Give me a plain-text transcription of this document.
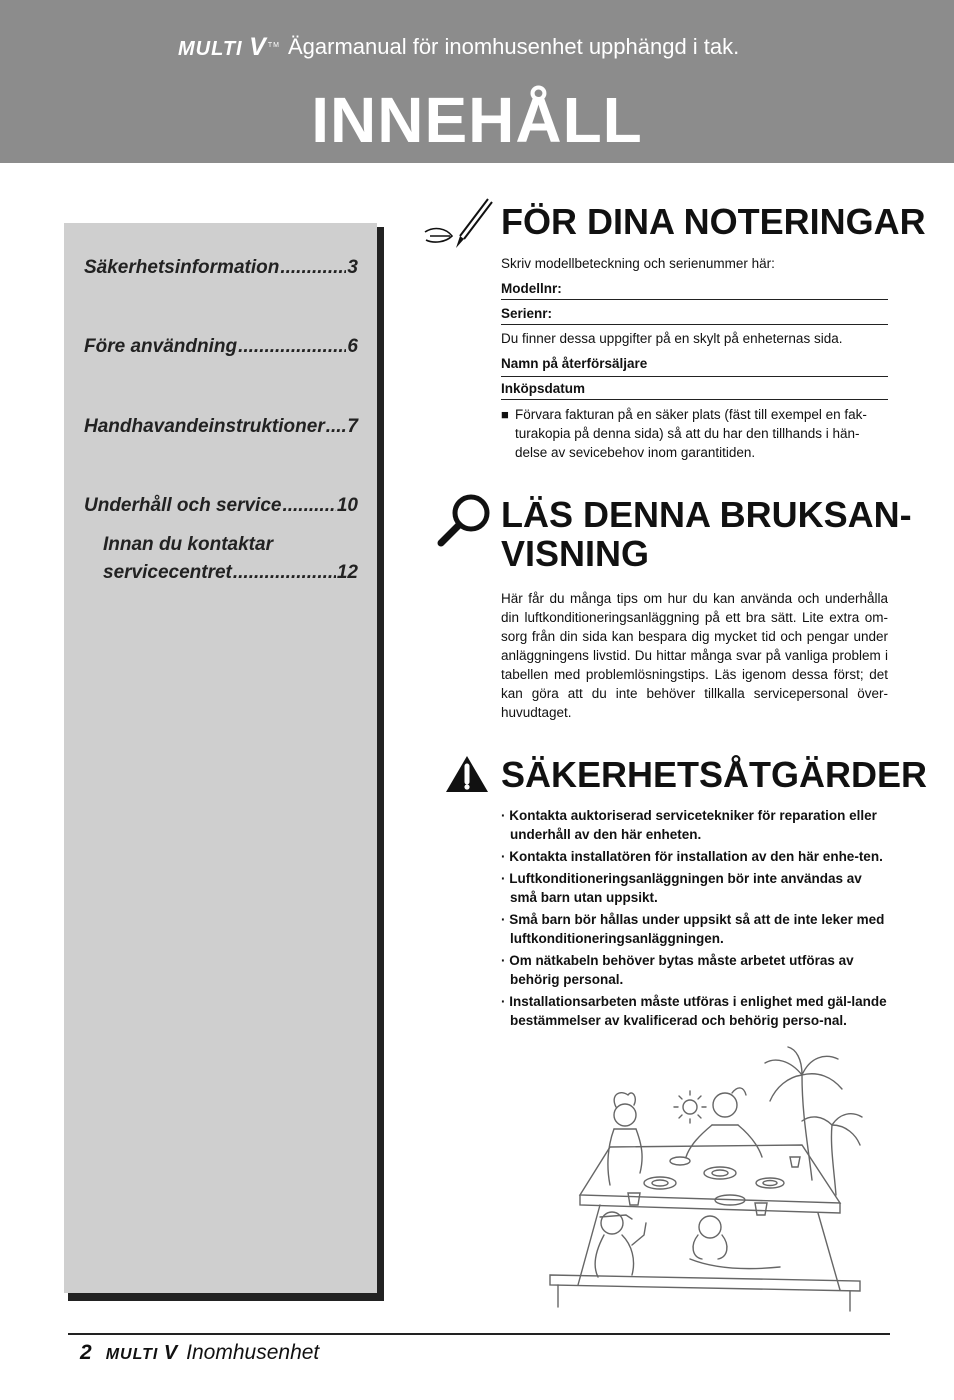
MULTI V™ Ägarmanual för inomhusenhet upphängd i tak.
INNEHÅLL
Säkerhetsinformation .....	3
Före användning .....	6
Handhavandeinstruktioner ..... 7
Underhåll och service .....	10
Innan du kontaktar
servicecentret .....	12
FÖR DINA NOTERINGAR
Skriv modellbeteckning och serienummer här:
Modellnr:
Serienr:
Du finner dessa uppgifter på en skylt på enheternas sida.
Namn på återförsäljare
Inköpsdatum
■ Förvara fakturan på en säker plats (fäst till exempel en fak-turakopia på denna sida) så att du har den tillhands i hän-delse av sevicebehov inom garantitiden.
LÄS DENNA BRUKSAN-
VISNING

Här får du många tips om hur du kan använda och underhålla din luftkonditioneringsanläggning på ett bra sätt. Lite extra om-sorg från din sida kan bespara dig mycket tid och pengar under anläggningens livstid. Du hittar många svar på vanliga problem i tabellen med problemlösningstips. Läs igenom dessa först; det kan göra att du inte behöver tillkalla servicepersonal över-huvudtaget.

SÄKERHETSÅTGÄRDER
· Kontakta auktoriserad servicetekniker för reparation eller underhåll av den här enheten.
· Kontakta installatören för installation av den här enhe-ten.
· Luftkonditioneringsanläggningen bör inte användas av små barn utan uppsikt.
· Små barn bör hållas under uppsikt så att de inte leker med luftkonditioneringsanläggningen.
· Om nätkabeln behöver bytas måste arbetet utföras av behörig personal.
· Installationsarbeten måste utföras i enlighet med gäl-lande bestämmelser av kvalificerad och behörig perso-nal.
2 MULTI V Inomhusenhet
